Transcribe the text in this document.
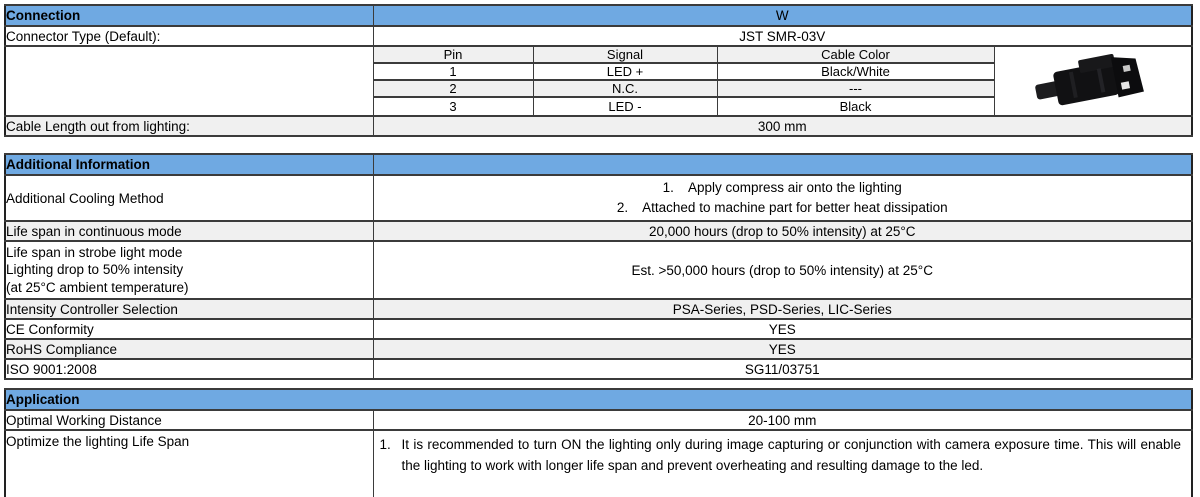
Connection	W
Connector Type (Default):	JST SMR-03V

Pin	Signal	Cable Color
1	LED +	Black/White
2	N.C.	---
3	LED -	Black

Cable Length out from lighting:	300 mm
Additional Information	
Additional Cooling Method	1. Apply compress air onto the lighting
2. Attached to machine part for better heat dissipation

Life span in continuous mode	20,000 hours (drop to 50% intensity) at 25°C

Life span in strobe light mode
Lighting drop to 50% intensity
(at 25°C ambient temperature)	Est. >50,000 hours (drop to 50% intensity) at 25°C
Intensity Controller Selection	PSA-Series, PSD-Series, LIC-Series
CE Conformity	YES
RoHS Compliance	YES
ISO 9001:2008	SG11/03751
Application	
Optimal Working Distance	20-100 mm
Optimize the lighting Life Span	1. It is recommended to turn ON the lighting only during image capturing or conjunction with camera exposure time. This will enable the lighting to work with longer life span and prevent overheating and resulting damage to the led.
